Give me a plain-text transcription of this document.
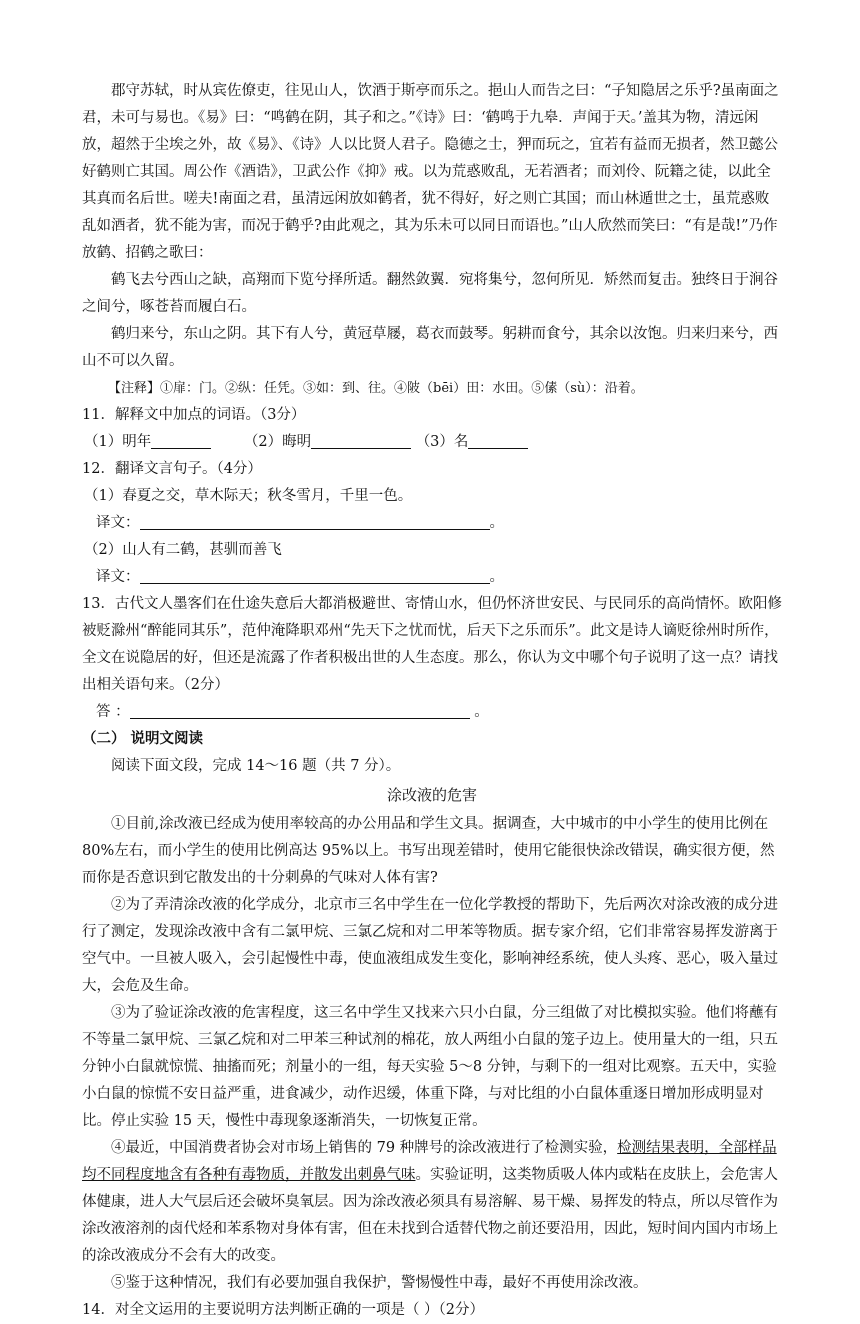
郡守苏轼，时从宾佐僚吏，往见山人，饮酒于斯亭而乐之。挹山人而告之曰：“子知隐居之乐乎?虽南面之君，未可与易也。《易》曰：“鸣鹤在阴，其子和之。”《诗》曰：‘鹤鸣于九皋．声闻于天。’盖其为物，清远闲放，超然于尘埃之外，故《易》、《诗》人以比贤人君子。隐德之士，狎而玩之，宜若有益而无损者，然卫懿公好鹤则亡其国。周公作《酒诰》，卫武公作《抑》戒。以为荒惑败乱，无若酒者；而刘伶、阮籍之徒，以此全其真而名后世。嗟夫!南面之君，虽清远闲放如鹤者，犹不得好，好之则亡其国；而山林遁世之士，虽荒惑败乱如酒者，犹不能为害，而况于鹤乎?由此观之，其为乐未可以同日而语也。”山人欣然而笑曰：“有是哉!”乃作放鹤、招鹤之歌曰：

鹤飞去兮西山之缺，高翔而下览兮择所适。翻然敛翼．宛将集兮，忽何所见．矫然而复击。独终日于涧谷之间兮，啄苍苔而履白石。

鹤归来兮，东山之阴。其下有人兮，黄冠草屦，葛衣而鼓琴。躬耕而食兮，其余以汝饱。归来归来兮，西山不可以久留。

【注释】①扉：门。②纵：任凭。③如：到、往。④陂（bēi）田：水田。⑤傃（sù）：沿着。

11．解释文中加点的词语。（3分）

（1）明年	（2）晦明	（3）名

12．翻译文言句子。（4分）

（1）春夏之交，草木际天；秋冬雪月，千里一色。

译文：	。

（2）山人有二鹤，甚驯而善飞

译文：	。

13．古代文人墨客们在仕途失意后大都消极避世、寄情山水，但仍怀济世安民、与民同乐的高尚情怀。欧阳修被贬滁州“醉能同其乐”，范仲淹降职邓州“先天下之忧而忧，后天下之乐而乐”。此文是诗人谪贬徐州时所作，全文在说隐居的好，但还是流露了作者积极出世的人生态度。那么，你认为文中哪个句子说明了这一点？请找出相关语句来。（2分）

答 ：	。

（二） 说明文阅读

阅读下面文段，完成 14～16 题（共 7 分）。

涂改液的危害

①目前,涂改液已经成为使用率较高的办公用品和学生文具。据调查，大中城市的中小学生的使用比例在 80%左右，而小学生的使用比例高达 95%以上。书写出现差错时，使用它能很快涂改错误，确实很方便，然而你是否意识到它散发出的十分刺鼻的气味对人体有害?

②为了弄清涂改液的化学成分，北京市三名中学生在一位化学教授的帮助下，先后两次对涂改液的成分进行了测定，发现涂改液中含有二氯甲烷、三氯乙烷和对二甲苯等物质。据专家介绍，它们非常容易挥发游离于空气中。一旦被人吸入，会引起慢性中毒，使血液组成发生变化，影响神经系统，使人头疼、恶心，吸入量过大，会危及生命。

③为了验证涂改液的危害程度，这三名中学生又找来六只小白鼠，分三组做了对比模拟实验。他们将蘸有不等量二氯甲烷、三氯乙烷和对二甲苯三种试剂的棉花，放人两组小白鼠的笼子边上。使用量大的一组，只五分钟小白鼠就惊慌、抽搐而死；剂量小的一组，每天实验 5～8 分钟，与剩下的一组对比观察。五天中，实验小白鼠的惊慌不安日益严重，进食减少，动作迟缓，体重下降，与对比组的小白鼠体重逐日增加形成明显对比。停止实验 15 天，慢性中毒现象逐渐消失，一切恢复正常。

④最近，中国消费者协会对市场上销售的 79 种牌号的涂改液进行了检测实验，检测结果表明，全部样品均不同程度地含有各种有毒物质，并散发出刺鼻气味。实验证明，这类物质吸人体内或粘在皮肤上，会危害人体健康，进人大气层后还会破坏臭氧层。因为涂改液必须具有易溶解、易干燥、易挥发的特点，所以尽管作为涂改液溶剂的卤代烃和苯系物对身体有害，但在未找到合适替代物之前还要沿用，因此，短时间内国内市场上的涂改液成分不会有大的改变。

⑤鉴于这种情况，我们有必要加强自我保护，警惕慢性中毒，最好不再使用涂改液。

14．对全文运用的主要说明方法判断正确的一项是（ ）（2分）
